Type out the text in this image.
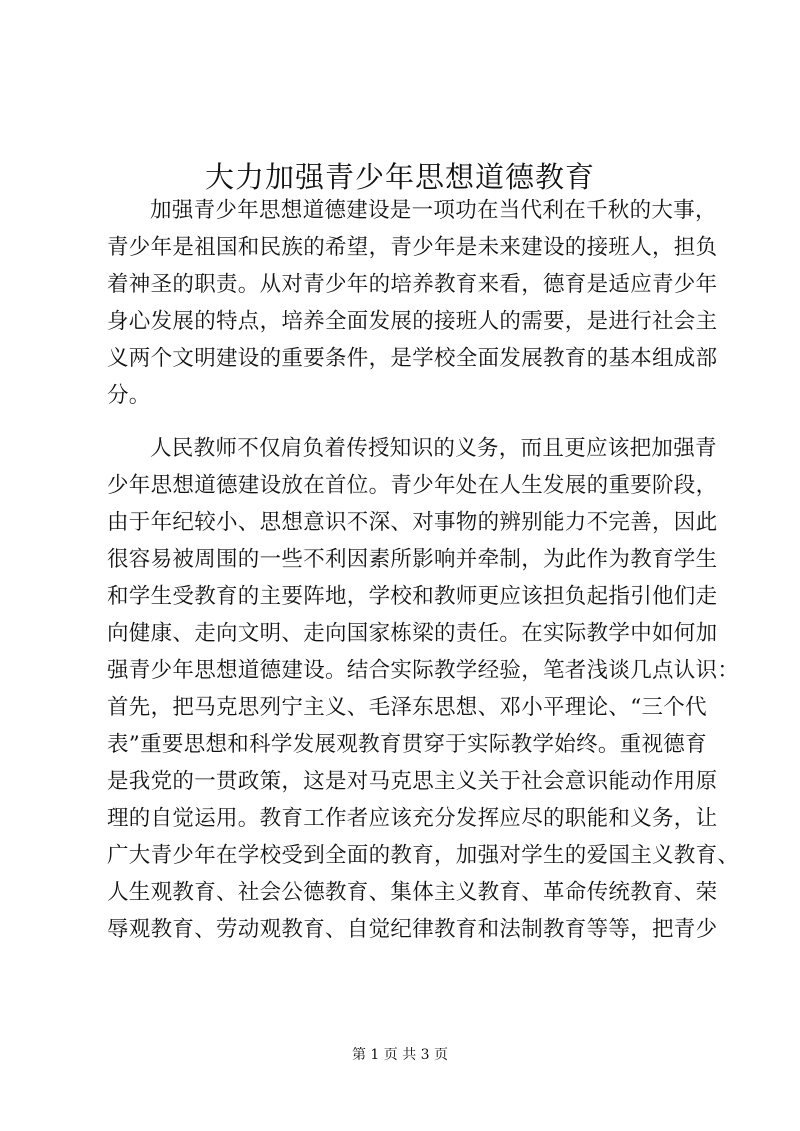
大力加强青少年思想道德教育
加强青少年思想道德建设是一项功在当代利在千秋的大事，
青少年是祖国和民族的希望，青少年是未来建设的接班人，担负
着神圣的职责。从对青少年的培养教育来看，德育是适应青少年
身心发展的特点，培养全面发展的接班人的需要，是进行社会主
义两个文明建设的重要条件，是学校全面发展教育的基本组成部
分。
人民教师不仅肩负着传授知识的义务，而且更应该把加强青
少年思想道德建设放在首位。青少年处在人生发展的重要阶段，
由于年纪较小、思想意识不深、对事物的辨别能力不完善，因此
很容易被周围的一些不利因素所影响并牵制，为此作为教育学生
和学生受教育的主要阵地，学校和教师更应该担负起指引他们走
向健康、走向文明、走向国家栋梁的责任。在实际教学中如何加
强青少年思想道德建设。结合实际教学经验，笔者浅谈几点认识：
首先，把马克思列宁主义、毛泽东思想、邓小平理论、“三个代
表”重要思想和科学发展观教育贯穿于实际教学始终。重视德育
是我党的一贯政策，这是对马克思主义关于社会意识能动作用原
理的自觉运用。教育工作者应该充分发挥应尽的职能和义务，让
广大青少年在学校受到全面的教育，加强对学生的爱国主义教育、
人生观教育、社会公德教育、集体主义教育、革命传统教育、荣
辱观教育、劳动观教育、自觉纪律教育和法制教育等等，把青少
第 1 页 共 3 页
